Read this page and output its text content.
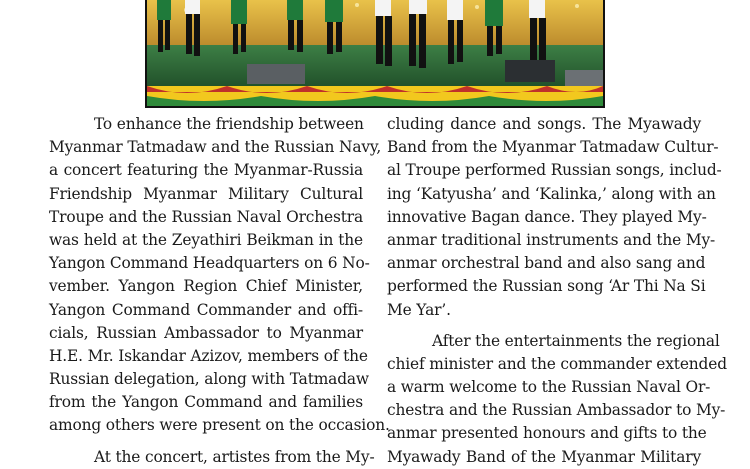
To enhance the friendship between
Myanmar Tatmadaw and the Russian Navy,
a concert featuring the Myanmar-Russia
Friendship Myanmar Military Cultural
Troupe and the Russian Naval Orchestra
was held at the Zeyathiri Beikman in the
Yangon Command Headquarters on 6 No-
vember. Yangon Region Chief Minister,
Yangon Command Commander and offi-
cials, Russian Ambassador to Myanmar
H.E. Mr. Iskandar Azizov, members of the
Russian delegation, along with Tatmadaw
from the Yangon Command and families
among others were present on the occasion.
At the concert, artistes from the My-
cluding dance and songs. The Myawady
Band from the Myanmar Tatmadaw Cultur-
al Troupe performed Russian songs, includ-
ing ‘Katyusha’ and ‘Kalinka,’ along with an
innovative Bagan dance. They played My-
anmar traditional instruments and the My-
anmar orchestral band and also sang and
performed the Russian song ‘Ar Thi Na Si
Me Yar’.
After the entertainments the regional
chief minister and the commander extended
a warm welcome to the Russian Naval Or-
chestra and the Russian Ambassador to My-
anmar presented honours and gifts to the
Myawady Band of the Myanmar Military
